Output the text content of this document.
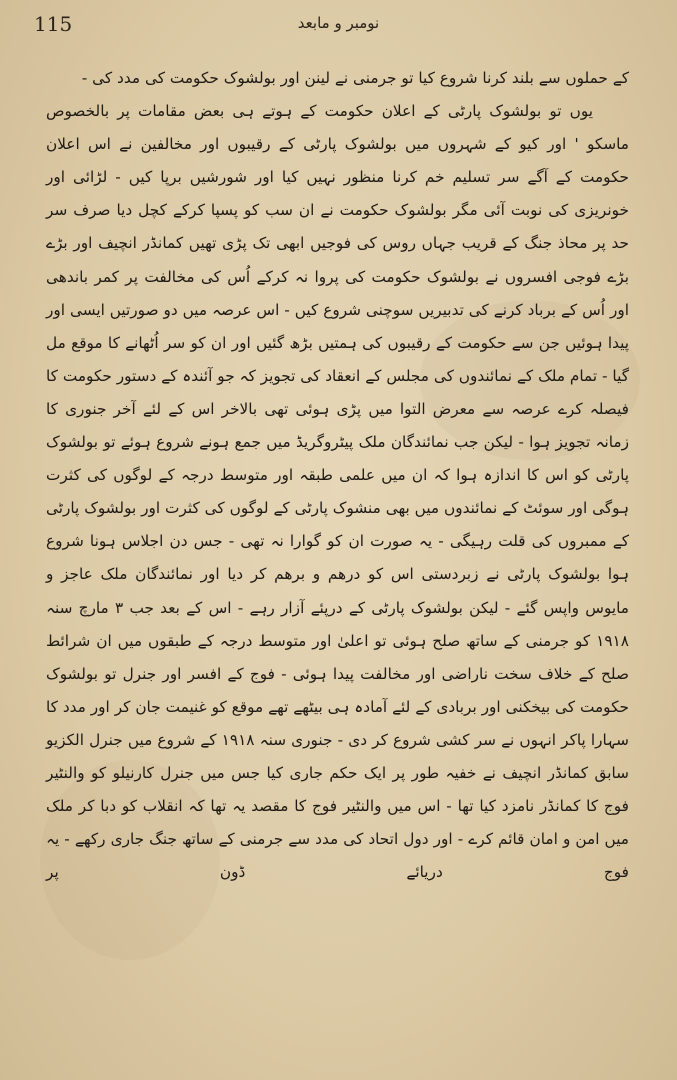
115	نومبر و مابعد

کے حملوں سے بلند کرنا شروع کیا تو جرمنی نے لینن اور بولشوک حکومت کی مدد کی -

یوں تو بولشوک پارٹی کے اعلان حکومت کے ہوتے ہی بعض مقامات پر بالخصوص ماسکو ' اور کیو کے شہروں میں بولشوک پارٹی کے رقیبوں اور مخالفین نے اس اعلان حکومت کے آگے سر تسلیم خم کرنا منظور نہیں کیا اور شورشیں برپا کیں - لڑائی اور خونریزی کی نوبت آئی مگر بولشوک حکومت نے ان سب کو پسپا کرکے کچل دیا صرف سر حد پر محاذ جنگ کے قریب جہاں روس کی فوجیں ابھی تک پڑی تھیں کمانڈر انچیف اور بڑے بڑے فوجی افسروں نے بولشوک حکومت کی پروا نہ کرکے اُس کی مخالفت پر کمر باندھی اور اُس کے برباد کرنے کی تدبیریں سوچنی شروع کیں - اس عرصہ میں دو صورتیں ایسی اور پیدا ہوئیں جن سے حکومت کے رقیبوں کی ہمتیں بڑھ گئیں اور ان کو سر اُٹھانے کا موقع مل گیا - تمام ملک کے نمائندوں کی مجلس کے انعقاد کی تجویز کہ جو آئندہ کے دستور حکومت کا فیصلہ کرے عرصہ سے معرض التوا میں پڑی ہوئی تھی بالاخر اس کے لئے آخر جنوری کا زمانہ تجویز ہوا - لیکن جب نمائندگان ملک پیٹروگریڈ میں جمع ہونے شروع ہوئے تو بولشوک پارٹی کو اس کا اندازہ ہوا کہ ان میں علمی طبقہ اور متوسط درجہ کے لوگوں کی کثرت ہوگی اور سوئٹ کے نمائندوں میں بھی منشوک پارٹی کے لوگوں کی کثرت اور بولشوک پارٹی کے ممبروں کی قلت رہیگی - یہ صورت ان کو گوارا نہ تھی - جس دن اجلاس ہونا شروع ہوا بولشوک پارٹی نے زبردستی اس کو درھم و برھم کر دیا اور نمائندگان ملک عاجز و مایوس واپس گئے - لیکن بولشوک پارٹی کے درپئے آزار رہے - اس کے بعد جب ۳ مارچ سنہ ۱۹۱۸ کو جرمنی کے ساتھ صلح ہوئی تو اعلیٰ اور متوسط درجہ کے طبقوں میں ان شرائط صلح کے خلاف سخت ناراضی اور مخالفت پیدا ہوئی - فوج کے افسر اور جنرل تو بولشوک حکومت کی بیخکنی اور بربادی کے لئے آمادہ ہی بیٹھے تھے موقع کو غنیمت جان کر اور مدد کا سہارا پاکر انہوں نے سر کشی شروع کر دی - جنوری سنہ ۱۹۱۸ کے شروع میں جنرل الکزیو سابق کمانڈر انچیف نے خفیہ طور پر ایک حکم جاری کیا جس میں جنرل کارنیلو کو والنٹیر فوج کا کمانڈر نامزد کیا تھا - اس میں والنٹیر فوج کا مقصد یہ تھا کہ انقلاب کو دبا کر ملک میں امن و امان قائم کرے - اور دول اتحاد کی مدد سے جرمنی کے ساتھ جنگ جاری رکھے - یہ فوج دریائے ڈون پر
